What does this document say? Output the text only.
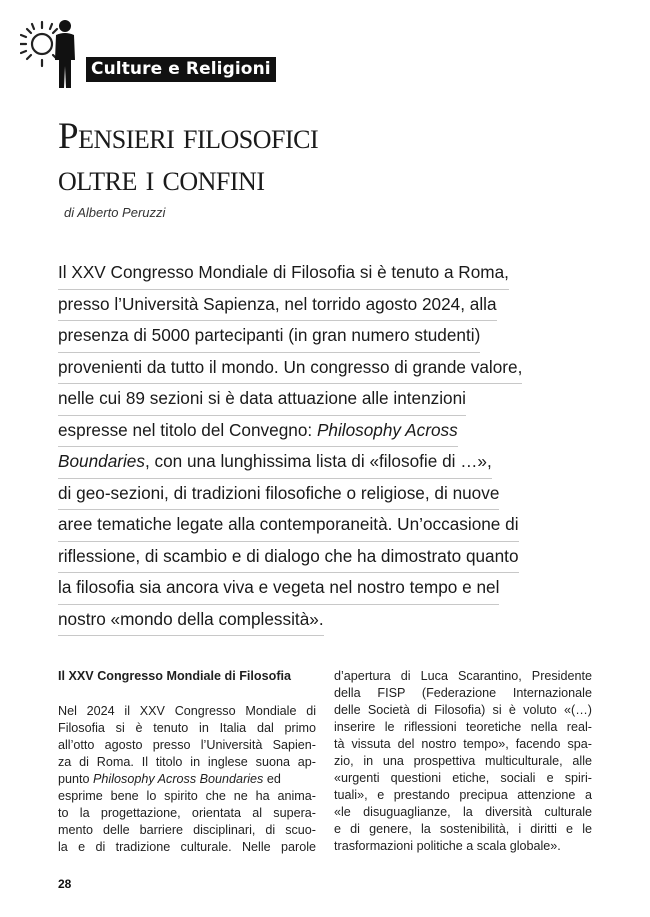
Culture e Religioni
Pensieri filosofici
oltre i confini
di Alberto Peruzzi
Il XXV Congresso Mondiale di Filosofia si è tenuto a Roma,
presso l’Università Sapienza, nel torrido agosto 2024, alla
presenza di 5000 partecipanti (in gran numero studenti)
provenienti da tutto il mondo. Un congresso di grande valore,
nelle cui 89 sezioni si è data attuazione alle intenzioni
espresse nel titolo del Convegno: Philosophy Across
Boundaries, con una lunghissima lista di «filosofie di …»,
di geo-sezioni, di tradizioni filosofiche o religiose, di nuove
aree tematiche legate alla contemporaneità. Un’occasione di
riflessione, di scambio e di dialogo che ha dimostrato quanto
la filosofia sia ancora viva e vegeta nel nostro tempo e nel
nostro «mondo della complessità».
Il XXV Congresso Mondiale di Filosofia
Nel 2024 il XXV Congresso Mondiale di
Filosofia si è tenuto in Italia dal primo
all’otto agosto presso l’Università Sapien-
za di Roma. Il titolo in inglese suona ap-
punto Philosophy Across Boundaries ed
esprime bene lo spirito che ne ha anima-
to la progettazione, orientata al supera-
mento delle barriere disciplinari, di scuo-
la e di tradizione culturale. Nelle parole
d’apertura di Luca Scarantino, Presidente
della FISP (Federazione Internazionale
delle Società di Filosofia) si è voluto «(…)
inserire le riflessioni teoretiche nella real-
tà vissuta del nostro tempo», facendo spa-
zio, in una prospettiva multiculturale, alle
«urgenti questioni etiche, sociali e spiri-
tuali», e prestando precipua attenzione a
«le disuguaglianze, la diversità culturale
e di genere, la sostenibilità, i diritti e le
trasformazioni politiche a scala globale».
28
